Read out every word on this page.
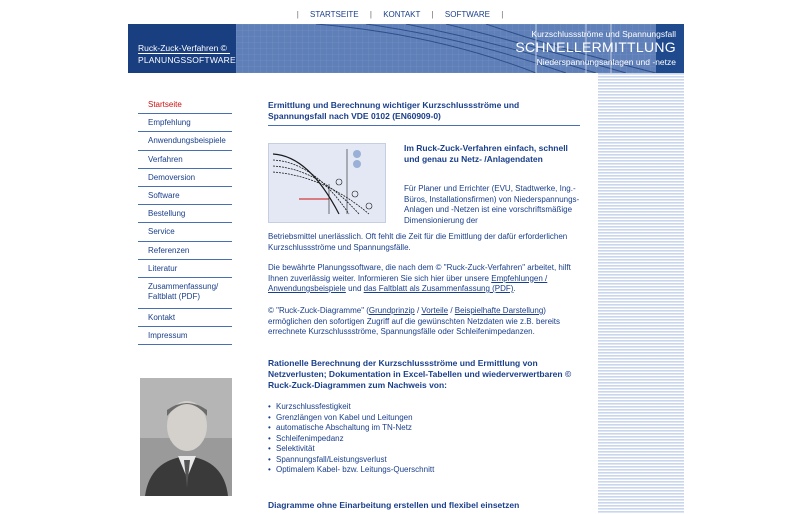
| STARTSEITE | KONTAKT | SOFTWARE |
Ruck-Zuck-Verfahren ©
PLANUNGSSOFTWARE
Kurzschlussströme und Spannungsfall
SCHNELLERMITTLUNG
Niederspannungsanlagen und -netze
Startseite
Empfehlung
Anwendungsbeispiele
Verfahren
Demoversion
Software
Bestellung
Service
Referenzen
Literatur
Zusammenfassung/ Faltblatt (PDF)
Kontakt
Impressum
Ermittlung und Berechnung wichtiger Kurzschlussströme und Spannungsfall nach VDE 0102 (EN60909-0)
Im Ruck-Zuck-Verfahren einfach, schnell und genau zu Netz- /Anlagendaten
Für Planer und Errichter (EVU, Stadtwerke, Ing.-Büros, Installationsfirmen) von Niederspannungs-Anlagen und -Netzen ist eine vorschriftsmäßige Dimensionierung der
Betriebsmittel unerlässlich. Oft fehlt die Zeit für die Emittlung der dafür erforderlichen Kurzschlussströme und Spannungsfälle.
Die bewährte Planungssoftware, die nach dem © "Ruck-Zuck-Verfahren" arbeitet, hilft Ihnen zuverlässig weiter. Informieren Sie sich hier über unsere Empfehlungen / Anwendungsbeispiele und das Faltblatt als Zusammenfassung (PDF).
© "Ruck-Zuck-Diagramme" (Grundprinzip / Vorteile / Beispielhafte Darstellung) ermöglichen den sofortigen Zugriff auf die gewünschten Netzdaten wie z.B. bereits errechnete Kurzschlussströme, Spannungsfälle oder Schleifenimpedanzen.
Rationelle Berechnung der Kurzschlussströme und Ermittlung von Netzverlusten; Dokumentation in Excel-Tabellen und wiederverwertbaren © Ruck-Zuck-Diagrammen zum Nachweis von:
• Kurzschlussfestigkeit
• Grenzlängen von Kabel und Leitungen
• automatische Abschaltung im TN-Netz
• Schleifenimpedanz
• Selektivität
• Spannungsfall/Leistungsverlust
• Optimalem Kabel- bzw. Leitungs-Querschnitt
Diagramme ohne Einarbeitung erstellen und flexibel einsetzen
